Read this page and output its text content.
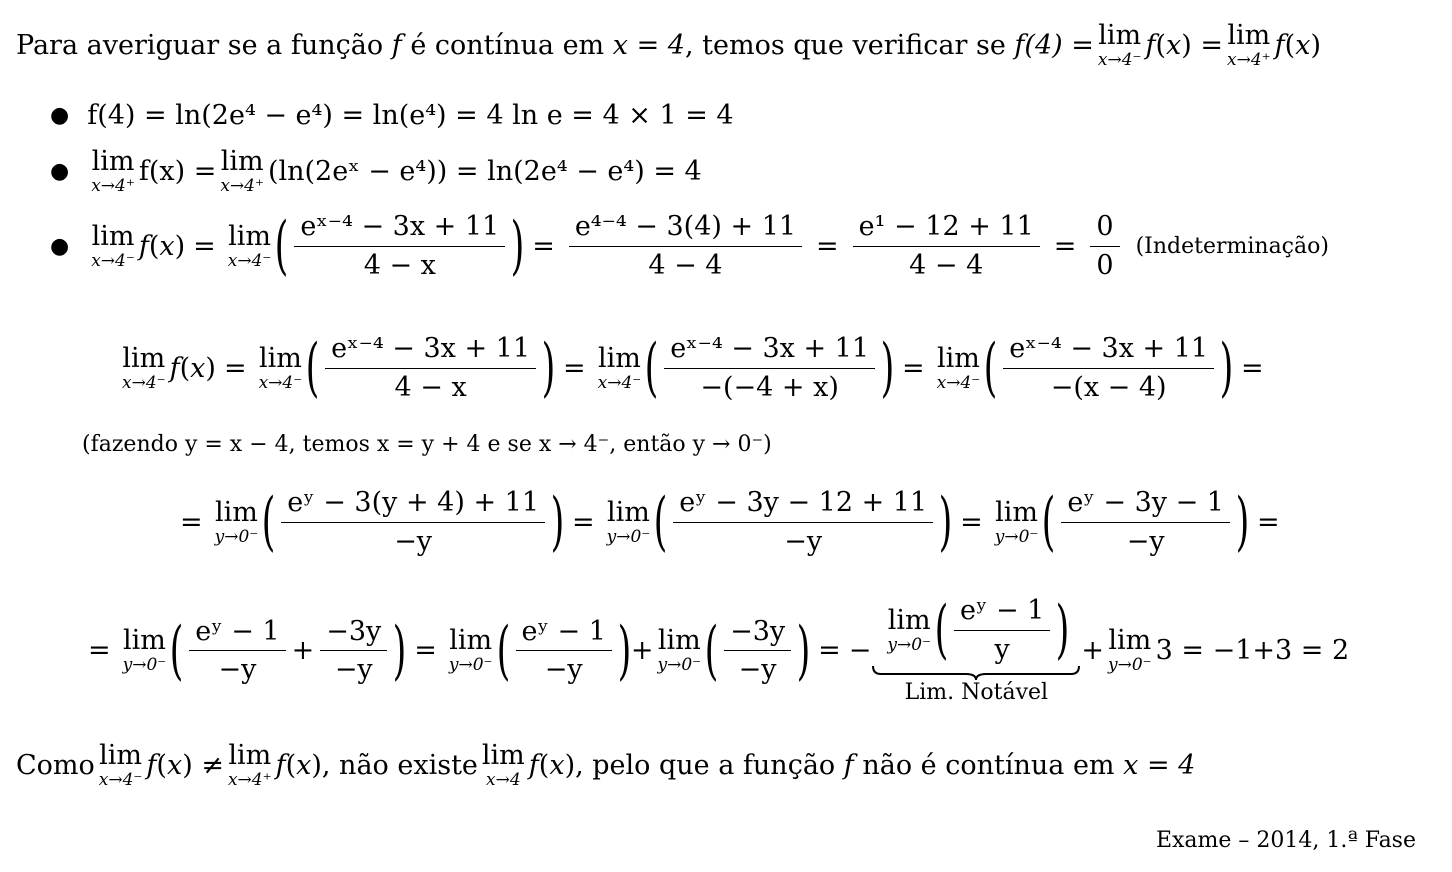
Para averiguar se a função
f
é contínua em
x = 4 , temos que verificar se
f(4) = lim
x→4⁻ f ( x ) = lim
x→4⁺ f ( x )
● f(4) = ln(2e⁴ − e⁴) = ln(e⁴) = 4 ln e = 4 × 1 = 4
● lim
x→4⁺ f(x) = lim
x→4⁺ (ln(2eˣ − e⁴)) = ln(2e⁴ − e⁴) = 4
● lim
x→4⁻ f ( x ) = lim
x→4⁻ ( $\frac{\text{eˣ⁻⁴ − 3x + 11}}{4 - x}$ ) = $\frac{\text{e⁴⁻⁴ − 3(4) + 11}}{4 - 4} = \frac{\text{e¹ − 12 + 11}}{4 - 4} = \frac{0}{0}$ (Indeterminação)
lim
x→4⁻ f ( x ) = lim
x→4⁻ ( $\frac{\text{eˣ⁻⁴ − 3x + 11}}{4 - x}$ ) = lim
x→4⁻ ( $\frac{\text{eˣ⁻⁴ − 3x + 11}}{-(-4 + x)}$ ) = lim
x→4⁻ ( $\frac{\text{eˣ⁻⁴ − 3x + 11}}{-(x - 4)}$ ) =
(fazendo y = x − 4, temos x = y + 4 e se x → 4⁻, então y → 0⁻)
= lim
y→0⁻ ( $\frac{\text{eʸ − 3(y + 4) + 11}}{-y}$ ) = lim
y→0⁻ ( $\frac{\text{eʸ − 3y − 12 + 11}}{-y}$ ) = lim
y→0⁻ ( $\frac{\text{eʸ − 3y − 1}}{-y}$ ) =
= lim
y→0⁻ ( $\frac{\text{eʸ − 1}}{-y} + \frac{-3y}{-y}$ ) = lim
y→0⁻ ( $\frac{\text{eʸ − 1}}{-y}$ ) + lim
y→0⁻ ( $\frac{-3y}{-y}$ ) = −
lim
y→0⁻ ( $\frac{\text{eʸ − 1}}{y}$ )
Lim. Notável
+ lim
y→0⁻ 3 = −1+3 = 2
Como lim
x→4⁻ f ( x ) ≠ lim
x→4⁺ f ( x ) , não existe lim
x→4 f ( x ) , pelo que a função
f
não é contínua em
x = 4
Exame – 2014, 1.ª Fase
